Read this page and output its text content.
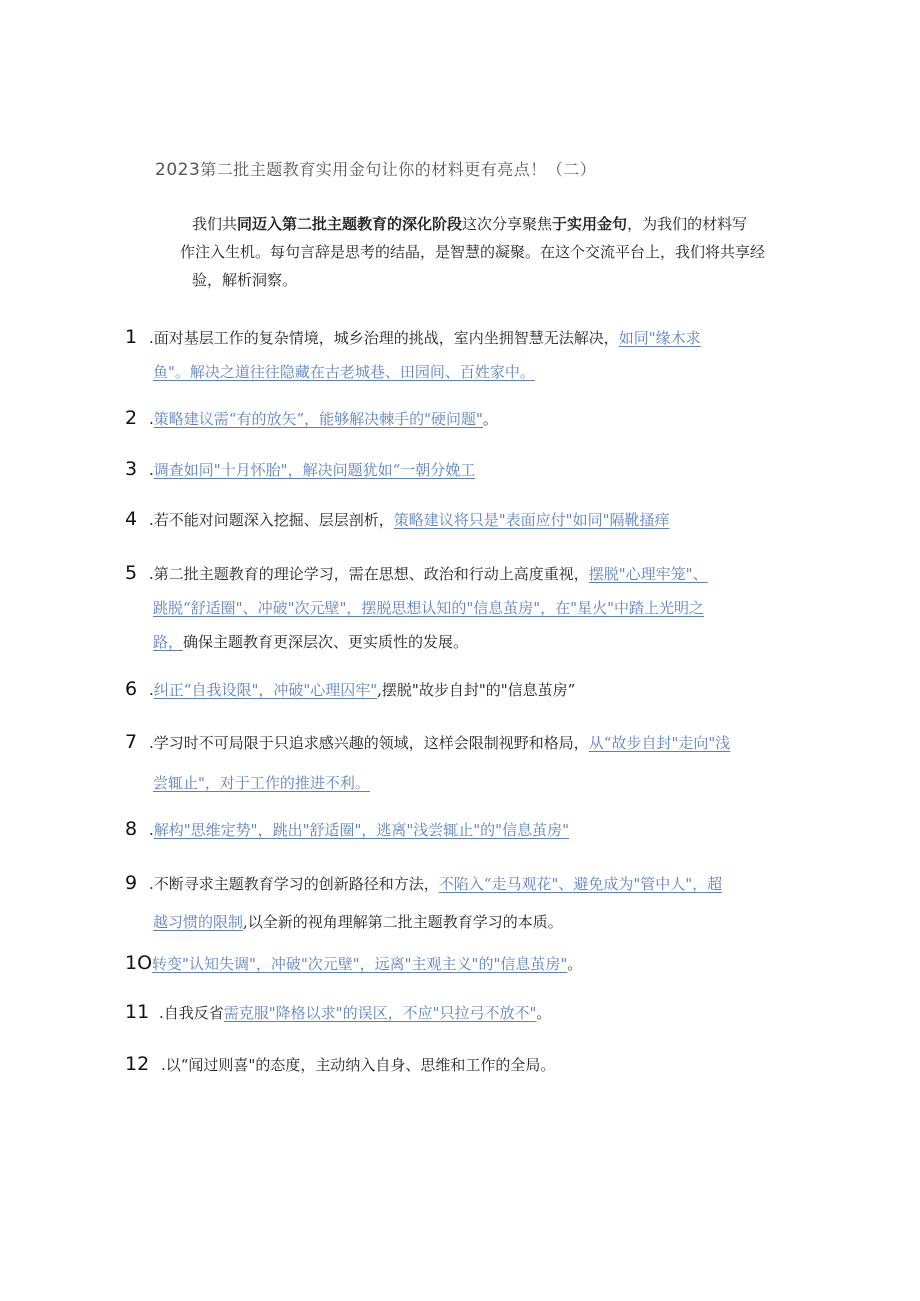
2023第二批主题教育实用金句让你的材料更有亮点！（二）

我们共同迈入第二批主题教育的深化阶段这次分享聚焦于实用金句，为我们的材料写

作注入生机。每句言辞是思考的结晶，是智慧的凝聚。在这个交流平台上，我们将共享经

验，解析洞察。

1 .面对基层工作的复杂情境，城乡治理的挑战，室内坐拥智慧无法解决，如同"缘木求
鱼"。解决之道往往隐藏在古老城巷、田园间、百姓家中。
2 .策略建议需“有的放矢”，能够解决棘手的"硬问题"。
3 .调查如同"十月怀胎"，解决问题犹如“一朝分娩工
4 .若不能对问题深入挖掘、层层剖析，策略建议将只是"表面应付"如同"隔靴搔痒
5 .第二批主题教育的理论学习，需在思想、政治和行动上高度重视，摆脱"心理牢笼"、
跳脱“舒适圈"、冲破"次元壁"，摆脱思想认知的"信息茧房"，在"星火"中踏上光明之
路，确保主题教育更深层次、更实质性的发展。
6 .纠正“自我设限"，冲破"心理囚牢",摆脱"故步自封"的"信息茧房”
7 .学习时不可局限于只追求感兴趣的领域，这样会限制视野和格局，从“故步自封"走向"浅
尝辄止"，对于工作的推进不利。
8 .解构"思维定势"，跳出"舒适圈"，逃离"浅尝辄止"的"信息茧房"
9 .不断寻求主题教育学习的创新路径和方法，不陷入“走马观花"、避免成为"管中人"，超
越习惯的限制,以全新的视角理解第二批主题教育学习的本质。
1O转变"认知失调"，冲破"次元壁"，远离"主观主义"的"信息茧房"。
11 .自我反省需克服"降格以求"的误区，不应"只拉弓不放不"。
12 .以“闻过则喜"的态度，主动纳入自身、思维和工作的全局。
